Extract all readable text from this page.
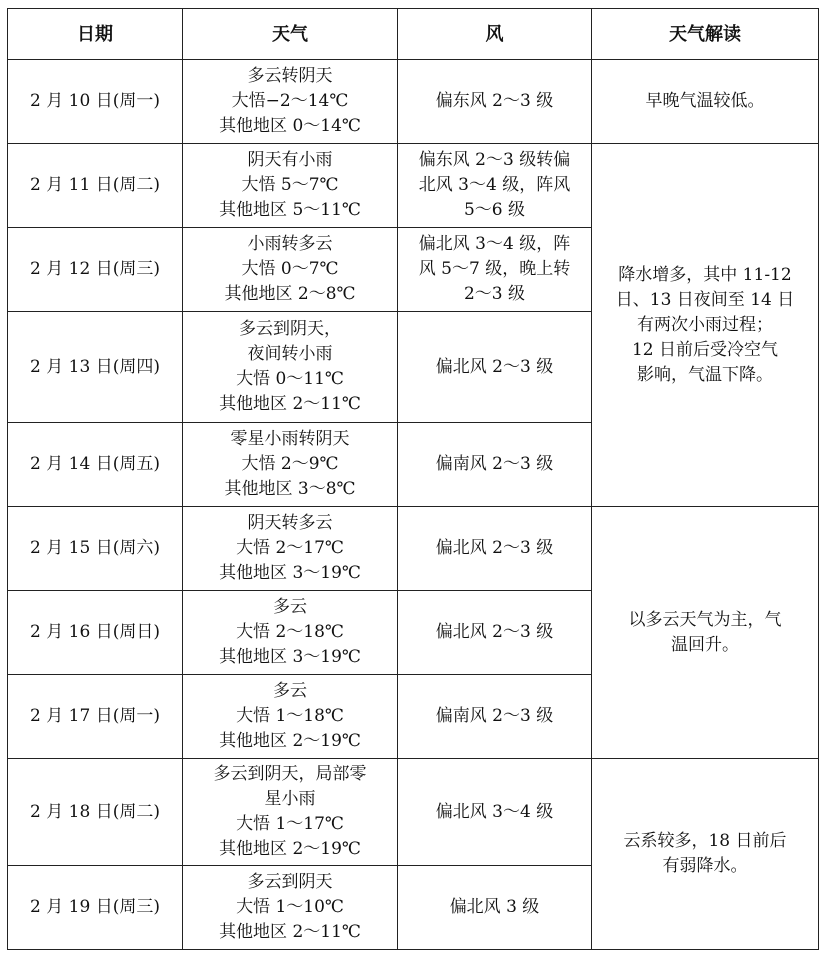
日期	天气	风	天气解读
2 月 10 日(周一)	多云转阴天
大悟−2～14℃
其他地区 0～14℃	偏东风 2～3 级	早晚气温较低。

2 月 11 日(周二)	阴天有小雨
大悟 5～7℃
其他地区 5～11℃	偏东风 2～3 级转偏
北风 3～4 级，阵风
5～6 级	降水增多，其中 11-12
日、13 日夜间至 14 日
有两次小雨过程；
12 日前后受冷空气
影响，气温下降。

2 月 12 日(周三)	小雨转多云
大悟 0～7℃
其他地区 2～8℃	偏北风 3～4 级，阵
风 5～7 级，晚上转
2～3 级	

2 月 13 日(周四)	多云到阴天，
夜间转小雨
大悟 0～11℃
其他地区 2～11℃	偏北风 2～3 级	

2 月 14 日(周五)	零星小雨转阴天
大悟 2～9℃
其他地区 3～8℃	偏南风 2～3 级	

2 月 15 日(周六)	阴天转多云
大悟 2～17℃
其他地区 3～19℃	偏北风 2～3 级	以多云天气为主，气
温回升。

2 月 16 日(周日)	多云
大悟 2～18℃
其他地区 3～19℃	偏北风 2～3 级	

2 月 17 日(周一)	多云
大悟 1～18℃
其他地区 2～19℃	偏南风 2～3 级	

2 月 18 日(周二)	多云到阴天，局部零
星小雨
大悟 1～17℃
其他地区 2～19℃	偏北风 3～4 级	云系较多，18 日前后
有弱降水。

2 月 19 日(周三)	多云到阴天
大悟 1～10℃
其他地区 2～11℃	偏北风 3 级	
